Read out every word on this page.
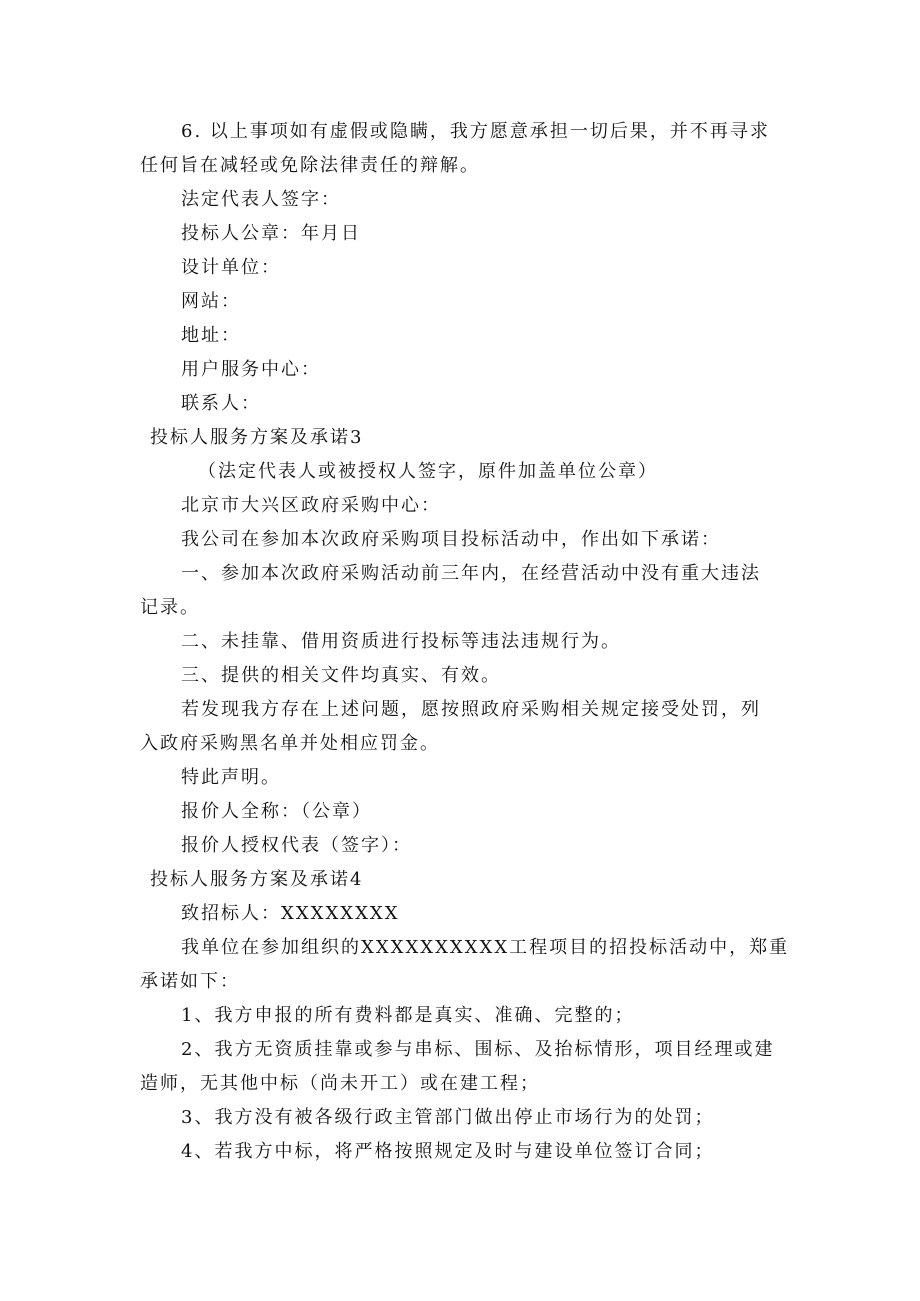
6. 以上事项如有虚假或隐瞒，我方愿意承担一切后果，并不再寻求
任何旨在减轻或免除法律责任的辩解。
法定代表人签字：
投标人公章：年月日
设计单位：
网站：
地址：
用户服务中心：
联系人：
投标人服务方案及承诺3
（法定代表人或被授权人签字，原件加盖单位公章）
北京市大兴区政府采购中心：
我公司在参加本次政府采购项目投标活动中，作出如下承诺：
一、参加本次政府采购活动前三年内，在经营活动中没有重大违法
记录。
二、未挂靠、借用资质进行投标等违法违规行为。
三、提供的相关文件均真实、有效。
若发现我方存在上述问题，愿按照政府采购相关规定接受处罚，列
入政府采购黑名单并处相应罚金。
特此声明。
报价人全称：（公章）
报价人授权代表（签字）：
投标人服务方案及承诺4
致招标人：XXXXXXXX
我单位在参加组织的XXXXXXXXXX工程项目的招投标活动中，郑重
承诺如下：
1、我方申报的所有费料都是真实、准确、完整的；
2、我方无资质挂靠或参与串标、围标、及抬标情形，项目经理或建
造师，无其他中标（尚未开工）或在建工程；
3、我方没有被各级行政主管部门做出停止市场行为的处罚；
4、若我方中标，将严格按照规定及时与建设单位签订合同；
